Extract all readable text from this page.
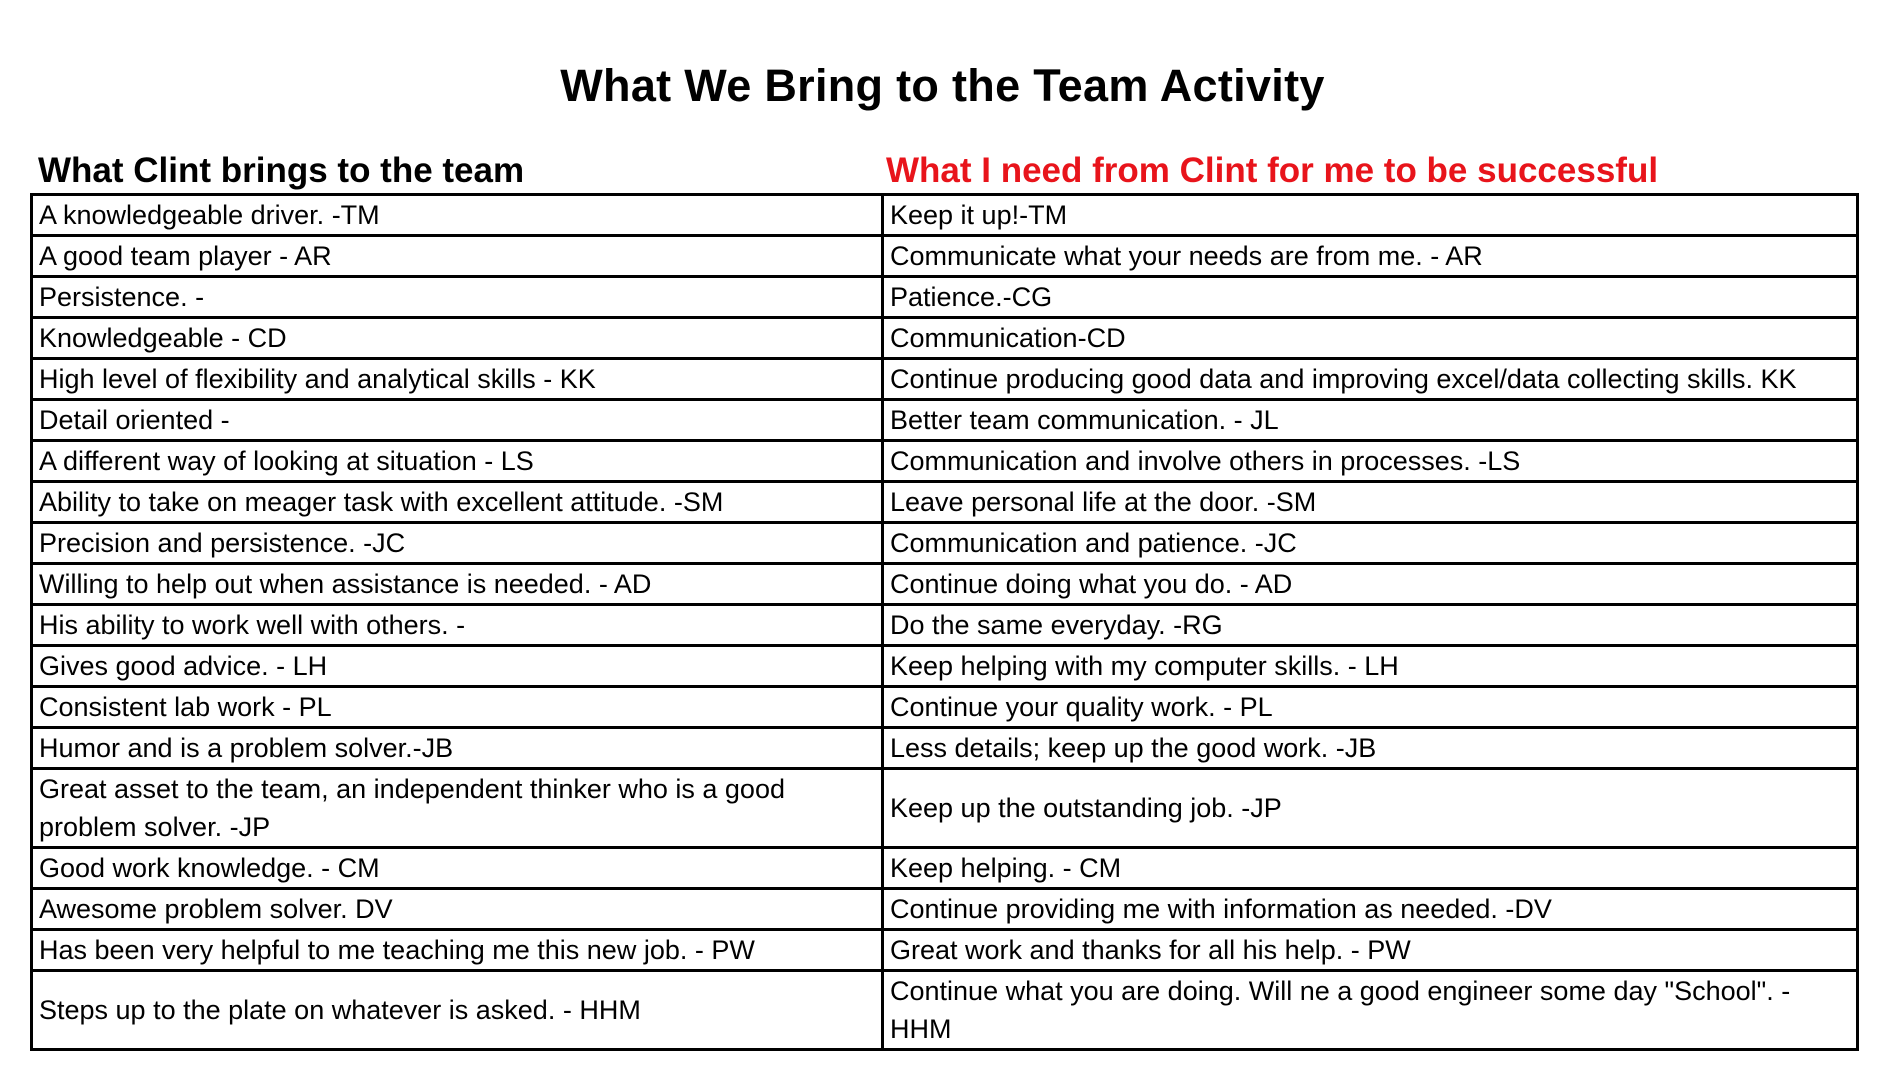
What We Bring to the Team Activity
What Clint brings to the team	What I need from Clint for me to be successful
A knowledgeable driver. -TM	Keep it up!-TM
A good team player - AR	Communicate what your needs are from me. - AR
Persistence. -	Patience.-CG
Knowledgeable - CD	Communication-CD
High level of flexibility and analytical skills - KK	Continue producing good data and improving excel/data collecting skills. KK
Detail oriented -	Better team communication. - JL
A different way of looking at situation - LS	Communication and involve others in processes. -LS
Ability to take on meager task with excellent attitude. -SM	Leave personal life at the door. -SM
Precision and persistence. -JC	Communication and patience. -JC
Willing to help out when assistance is needed. - AD	Continue doing what you do. - AD
His ability to work well with others. -	Do the same everyday. -RG
Gives good advice. - LH	Keep helping with my computer skills. - LH
Consistent lab work - PL	Continue your quality work. - PL
Humor and is a problem solver.-JB	Less details; keep up the good work. -JB
Great asset to the team, an independent thinker who is a good problem solver. -JP	Keep up the outstanding job. -JP
Good work knowledge. - CM	Keep helping. - CM
Awesome problem solver. DV	Continue providing me with information as needed. -DV
Has been very helpful to me teaching me this new job. - PW	Great work and thanks for all his help. - PW
Steps up to the plate on whatever is asked. - HHM	Continue what you are doing. Will ne a good engineer some day "School". - HHM
